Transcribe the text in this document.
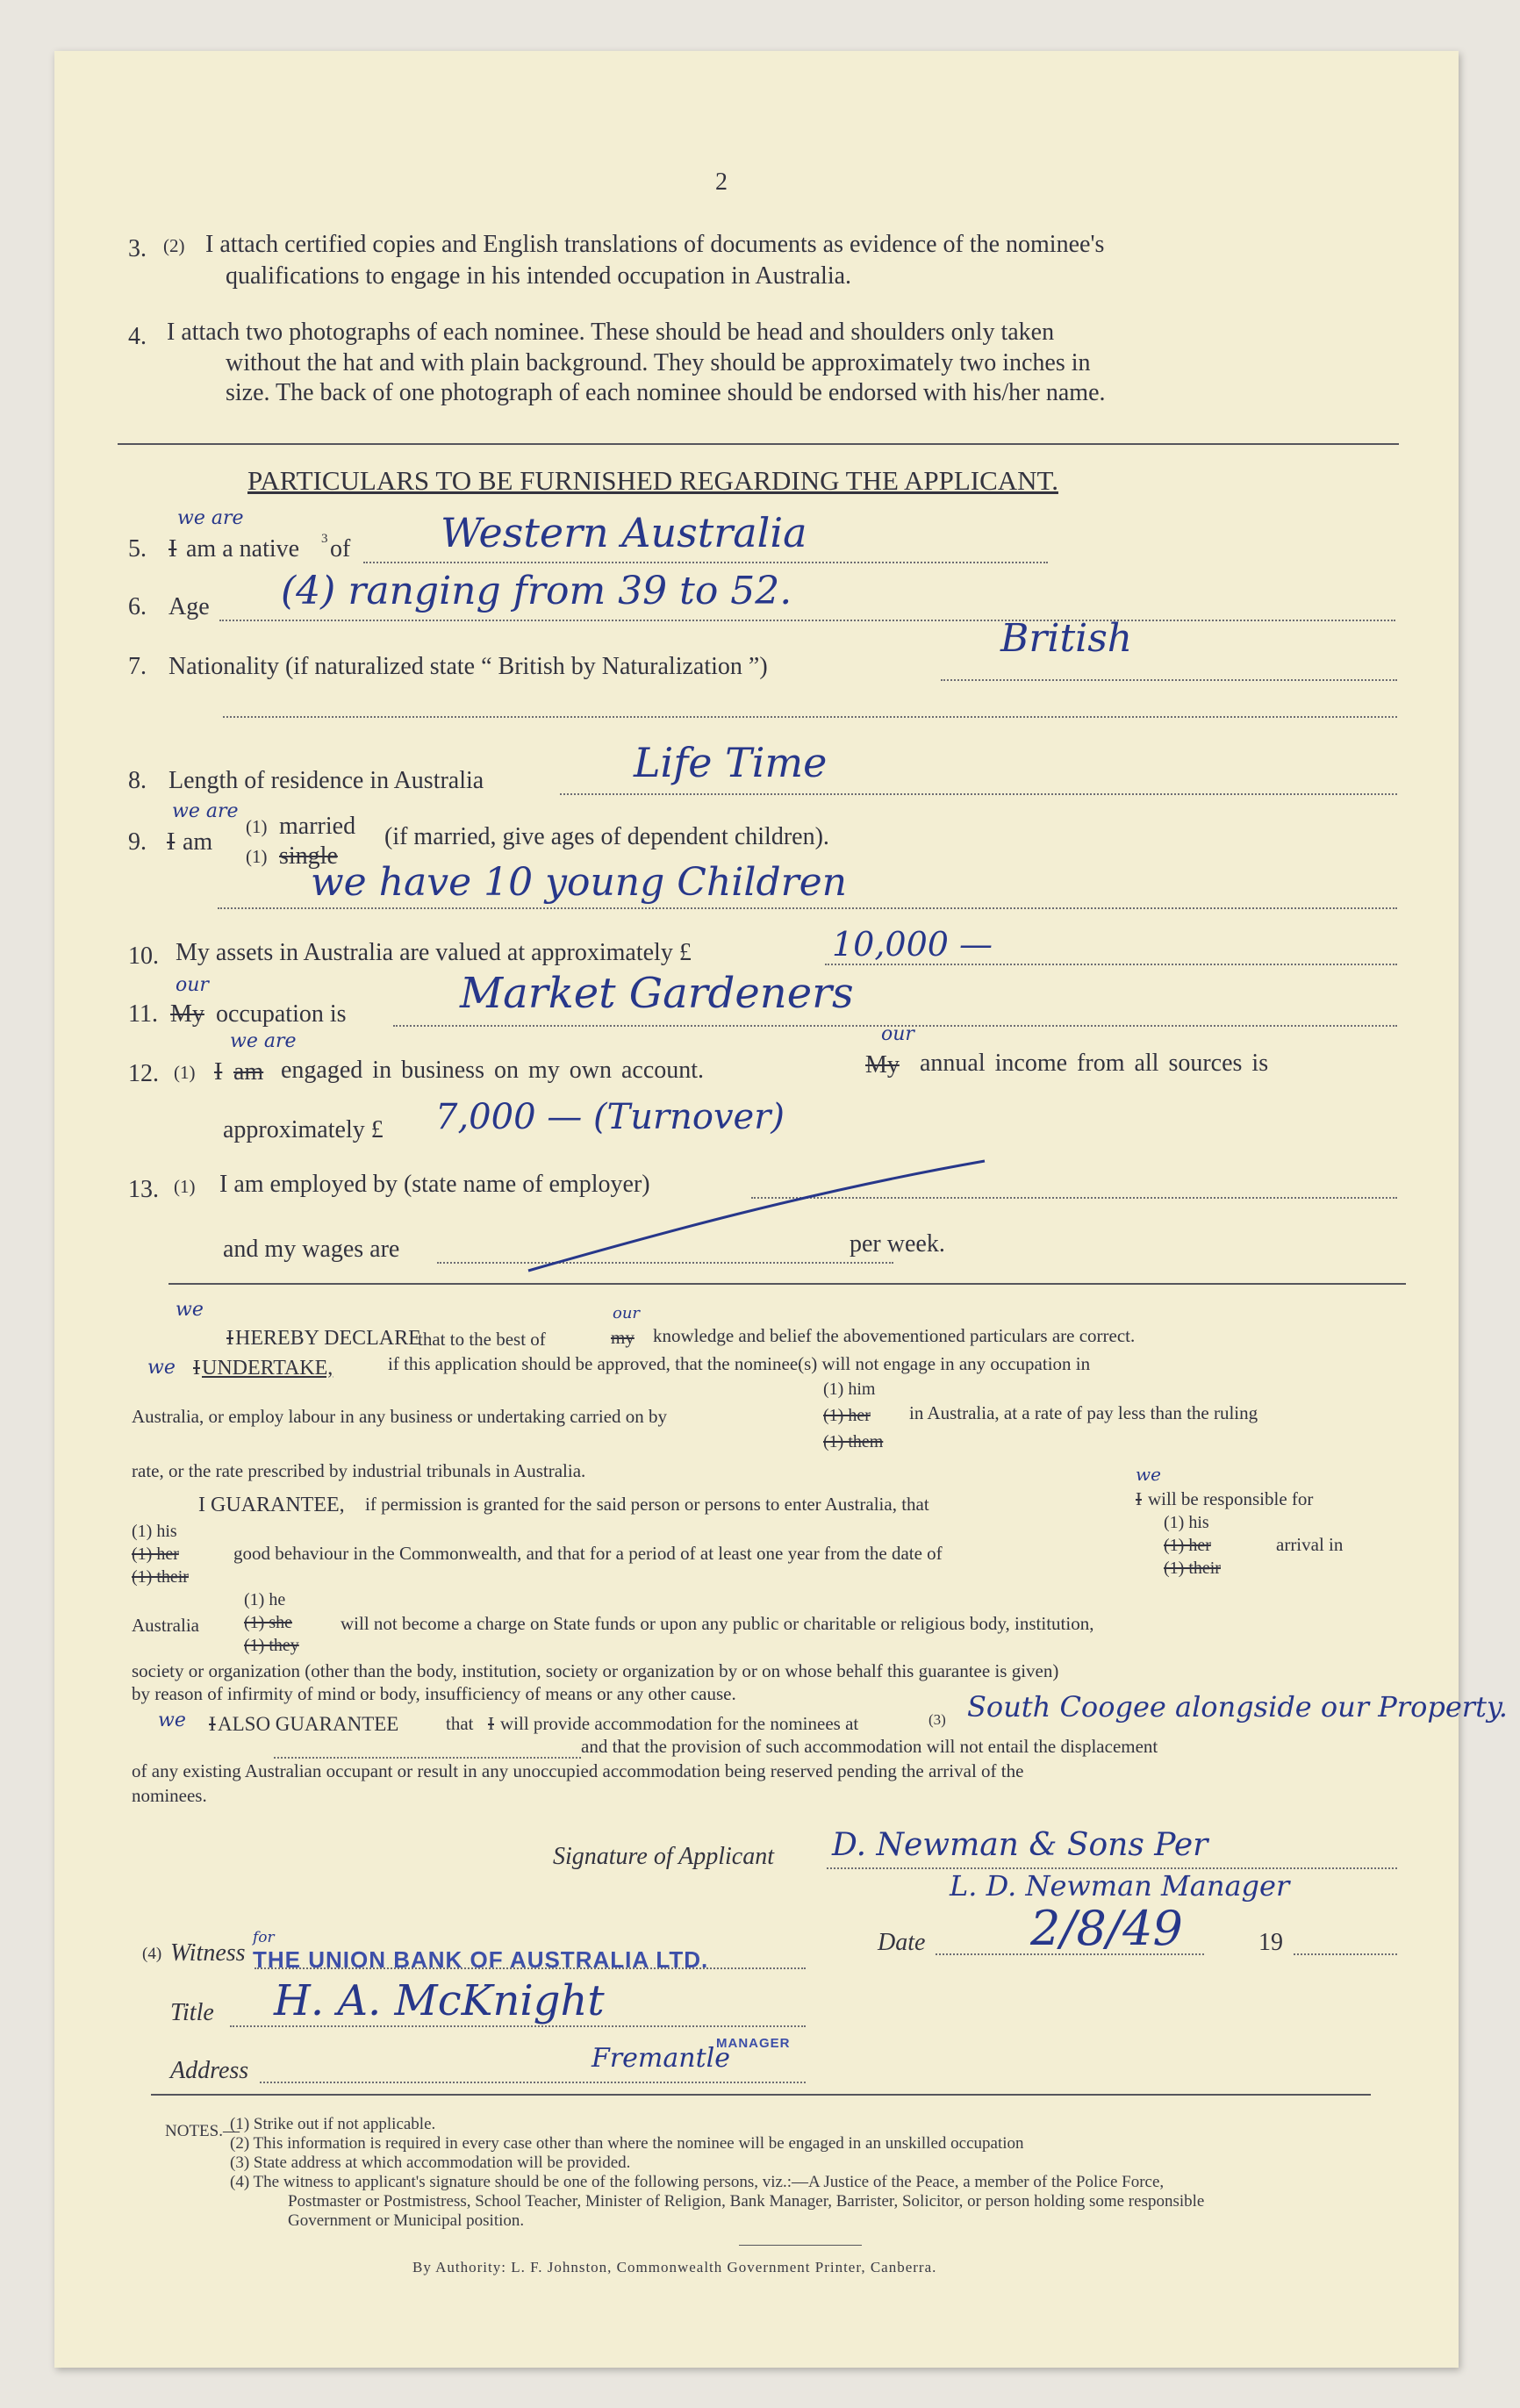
2
3. (2) I attach certified copies and English translations of documents as evidence of the nominee's
qualifications to engage in his intended occupation in Australia.
4. I attach two photographs of each nominee. These should be head and shoulders only taken
without the hat and with plain background. They should be approximately two inches in
size. The back of one photograph of each nominee should be endorsed with his/her name.
PARTICULARS TO BE FURNISHED REGARDING THE APPLICANT.
5. I
we are
am a native 3 of Western Australia
6. Age (4) ranging from 39 to 52.
7. Nationality (if naturalized state “ British by Naturalization ”)
British
8. Length of residence in Australia	Life Time
9. I
we are
am
(1) married
(1) single
(if married, give ages of dependent children).
we have 10 young Children
10. My assets in Australia are valued at approximately £	10,000 —
11. My
our
occupation is	Market Gardeners
12. (1) I
we are
am engaged in business on my own account.	My
our
annual income from all sources is
approximately £ 7,000 — (Turnover)
13. (1) I am employed by (state name of employer)
and my wages are	per week.
we
I HEREBY DECLARE
that to the best of	my
our
knowledge and belief the abovementioned particulars are correct.
we I UNDERTAKE,	if this application should be approved, that the nominee(s) will not engage in any occupation in
Australia, or employ labour in any business or undertaking carried on by
(1) him
(1) her
(1) them
in Australia, at a rate of pay less than the ruling
rate, or the rate prescribed by industrial tribunals in Australia.
I GUARANTEE, if permission is granted for the said person or persons to enter Australia, that
we
I will be responsible for
(1) his
(1) her
(1) their
good behaviour in the Commonwealth, and that for a period of at least one year from the date of
(1) his
(1) her
(1) their
arrival in
Australia
(1) he
(1) she
(1) they
will not become a charge on State funds or upon any public or charitable or religious body, institution,
society or organization (other than the body, institution, society or organization by or on whose behalf this guarantee is given)
by reason of infirmity of mind or body, insufficiency of means or any other cause.
we I ALSO GUARANTEE	that I will provide accommodation for the nominees at	(3) South Coogee alongside our Property.
and that the provision of such accommodation will not entail the displacement
of any existing Australian occupant or result in any unoccupied accommodation being reserved pending the arrival of the
nominees.
Signature of Applicant D. Newman & Sons Per
L. D. Newman Manager
Date 2/8/49	19
(4) Witness
for
THE UNION BANK OF AUSTRALIA LTD.
Title H. A. McKnight
MANAGER
Address	Fremantle
NOTES.—
(1) Strike out if not applicable.
(2) This information is required in every case other than where the nominee will be engaged in an unskilled occupation
(3) State address at which accommodation will be provided.
(4) The witness to applicant's signature should be one of the following persons, viz.:—A Justice of the Peace, a member of the Police Force,
Postmaster or Postmistress, School Teacher, Minister of Religion, Bank Manager, Barrister, Solicitor, or person holding some responsible
Government or Municipal position.
By Authority: L. F. Johnston, Commonwealth Government Printer, Canberra.
